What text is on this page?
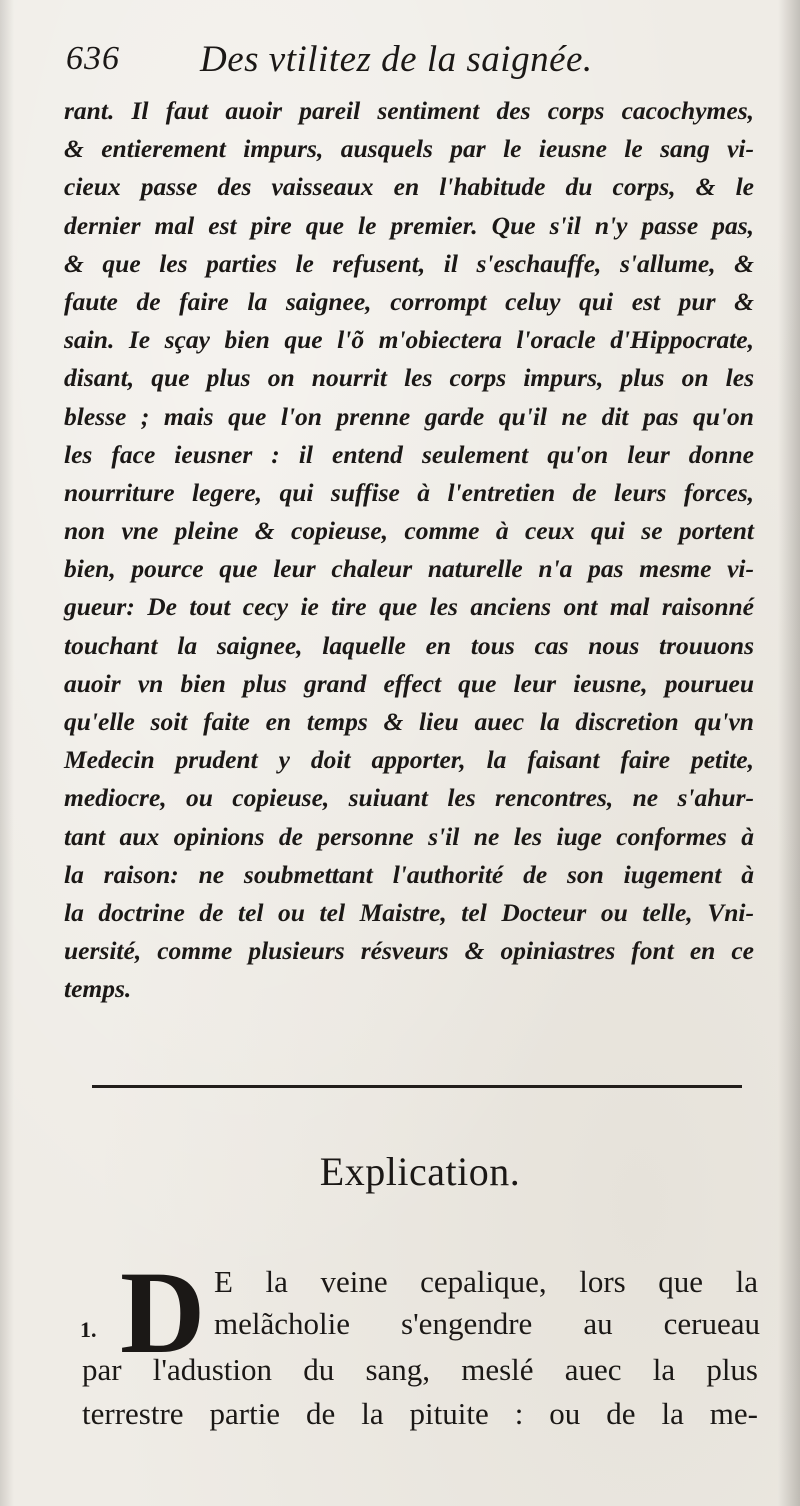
636 Des vtilitez de la saignée.
rant. Il faut auoir pareil sentiment des corps cacochymes,
& entierement impurs, ausquels par le ieusne le sang vi-
cieux passe des vaisseaux en l'habitude du corps, & le
dernier mal est pire que le premier. Que s'il n'y passe pas,
& que les parties le refusent, il s'eschauffe, s'allume, &
faute de faire la saignee, corrompt celuy qui est pur &
sain. Ie sçay bien que l'õ m'obiectera l'oracle d'Hippocrate,
disant, que plus on nourrit les corps impurs, plus on les
blesse ; mais que l'on prenne garde qu'il ne dit pas qu'on
les face ieusner : il entend seulement qu'on leur donne
nourriture legere, qui suffise à l'entretien de leurs forces,
non vne pleine & copieuse, comme à ceux qui se portent
bien, pource que leur chaleur naturelle n'a pas mesme vi-
gueur: De tout cecy ie tire que les anciens ont mal raisonné
touchant la saignee, laquelle en tous cas nous trouuons
auoir vn bien plus grand effect que leur ieusne, pourueu
qu'elle soit faite en temps & lieu auec la discretion qu'vn
Medecin prudent y doit apporter, la faisant faire petite,
mediocre, ou copieuse, suiuant les rencontres, ne s'ahur-
tant aux opinions de personne s'il ne les iuge conformes à
la raison: ne soubmettant l'authorité de son iugement à
la doctrine de tel ou tel Maistre, tel Docteur ou telle, Vni-
uersité, comme plusieurs résveurs & opiniastres font en ce
temps.
Explication.
1. D E la veine cepalique, lors que la
melãcholie s'engendre au cerueau
par l'adustion du sang, meslé auec la plus
terrestre partie de la pituite : ou de la me-
